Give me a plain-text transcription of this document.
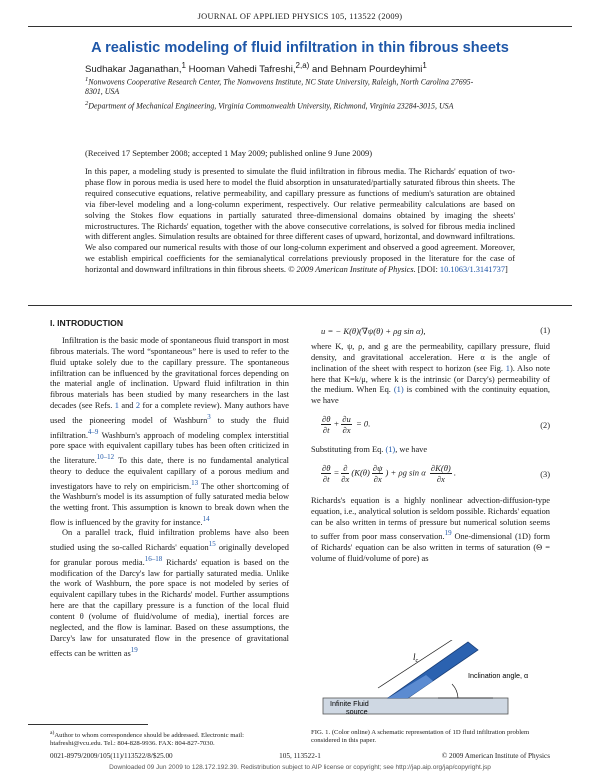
JOURNAL OF APPLIED PHYSICS 105, 113522 (2009)
A realistic modeling of fluid infiltration in thin fibrous sheets
Sudhakar Jaganathan,$^1$ Hooman Vahedi Tafreshi,$^{2,a)}$ and Behnam Pourdeyhimi$^1$
$^1$Nonwovens Cooperative Research Center, The Nonwovens Institute, NC State University, Raleigh, North Carolina 27695-8301, USA
$^2$Department of Mechanical Engineering, Virginia Commonwealth University, Richmond, Virginia 23284-3015, USA
(Received 17 September 2008; accepted 1 May 2009; published online 9 June 2009)
In this paper, a modeling study is presented to simulate the fluid infiltration in fibrous media. The Richards' equation of two-phase flow in porous media is used here to model the fluid absorption in unsaturated/partially saturated fibrous thin sheets. The required consecutive equations, relative permeability, and capillary pressure as functions of medium's saturation are obtained via fiber-level modeling and a long-column experiment, respectively. Our relative permeability calculations are based on solving the Stokes flow equations in partially saturated three-dimensional domains obtained by imaging the sheets' microstructures. The Richards' equation, together with the above consecutive correlations, is solved for fibrous media inclined with different angles. Simulation results are obtained for three different cases of upward, horizontal, and downward infiltrations. We also compared our numerical results with those of our long-column experiment and observed a good agreement. Moreover, we establish empirical coefficients for the semianalytical correlations previously proposed in the literature for the case of horizontal and downward infiltrations in thin fibrous sheets. © 2009 American Institute of Physics. [DOI: 10.1063/1.3141737]
I. INTRODUCTION
Infiltration is the basic mode of spontaneous fluid transport in most fibrous materials. The word “spontaneous” here is used to refer to the fluid uptake solely due to the capillary pressure. The spontaneous infiltration can be influenced by the gravitational forces depending on the material angle of inclination. Upward fluid infiltration in thin fibrous materials has been studied by many researchers in the last decades (see Refs. 1 and 2 for a complete review). Many authors have used the pioneering model of Washburn$^3$ to study the fluid infiltration.$^{4-9}$ Washburn's approach of modeling complex interstitial pore space with equivalent capillary tubes has been often criticized in the literature.$^{10-12}$ To this date, there is no fundamental analytical theory to deduce the equivalent capillary of a porous medium and investigators have to rely on empiricism.$^{13}$ The other shortcoming of the Washburn's model is its assumption of fully saturated media below the wetting front. This assumption is known to break down when the flow is influenced by the gravity for instance.$^{14}$
On a parallel track, fluid infiltration problems have also been studied using the so-called Richards' equation$^{15}$ originally developed for granular porous media.$^{16-18}$ Richards' equation is based on the modification of the Darcy's law for partially saturated media. Unlike the work of Washburn, the pore space is not modeled by series of equivalent capillary tubes in the Richards' model. Further assumptions here are that the capillary pressure is a function of the local fluid content θ (volume of fluid/volume of media), inertial forces are neglected, and the flow is laminar. Based on these assumptions, the Darcy's law for unsaturated flow in the presence of gravitational effects can be written as$^{19}$
u = − K(θ)(∇ψ(θ) + ρg sin α),	(1)
where K, ψ, ρ, and g are the permeability, capillary pressure, fluid density, and gravitational acceleration. Here α is the angle of inclination of the sheet with respect to horizon (see Fig. 1). Also note here that K=k/μ, where k is the intrinsic (or Darcy's) permeability of the medium. When Eq. (1) is combined with the continuity equation, we have
$\frac{\partial\theta}{\partial t} + \frac{\partial u}{\partial x} = 0$.	(2)
Substituting from Eq. (1), we have
$\frac{\partial\theta}{\partial t} = \frac{\partial}{\partial x} (K(\theta) \frac{\partial\psi}{\partial x}$ ) + ρg sin α $\frac{\partial K(\theta)}{\partial x}$ .	(3)
Richards's equation is a highly nonlinear advection-diffusion-type equation, i.e., analytical solution is seldom possible. Richards' equation can be also written in terms of pressure but numerical solution seems to suffer from poor mass conservation.$^{19}$ One-dimensional (1D) form of Richards' equation can be also written in terms of saturation (Θ = volume of fluid/volume of pore) as
$l_c$
Infinite Fluid
source
Inclination angle, α
$^{a)}$Author to whom correspondence should be addressed. Electronic mail: htafreshi@vcu.edu. Tel.: 804-828-9936. FAX: 804-827-7030.
FIG. 1. (Color online) A schematic representation of 1D fluid infiltration problem considered in this paper.
0021-8979/2009/105(11)/113522/8/$25.00	105, 113522-1	© 2009 American Institute of Physics
Downloaded 09 Jun 2009 to 128.172.192.39. Redistribution subject to AIP license or copyright; see http://jap.aip.org/jap/copyright.jsp
